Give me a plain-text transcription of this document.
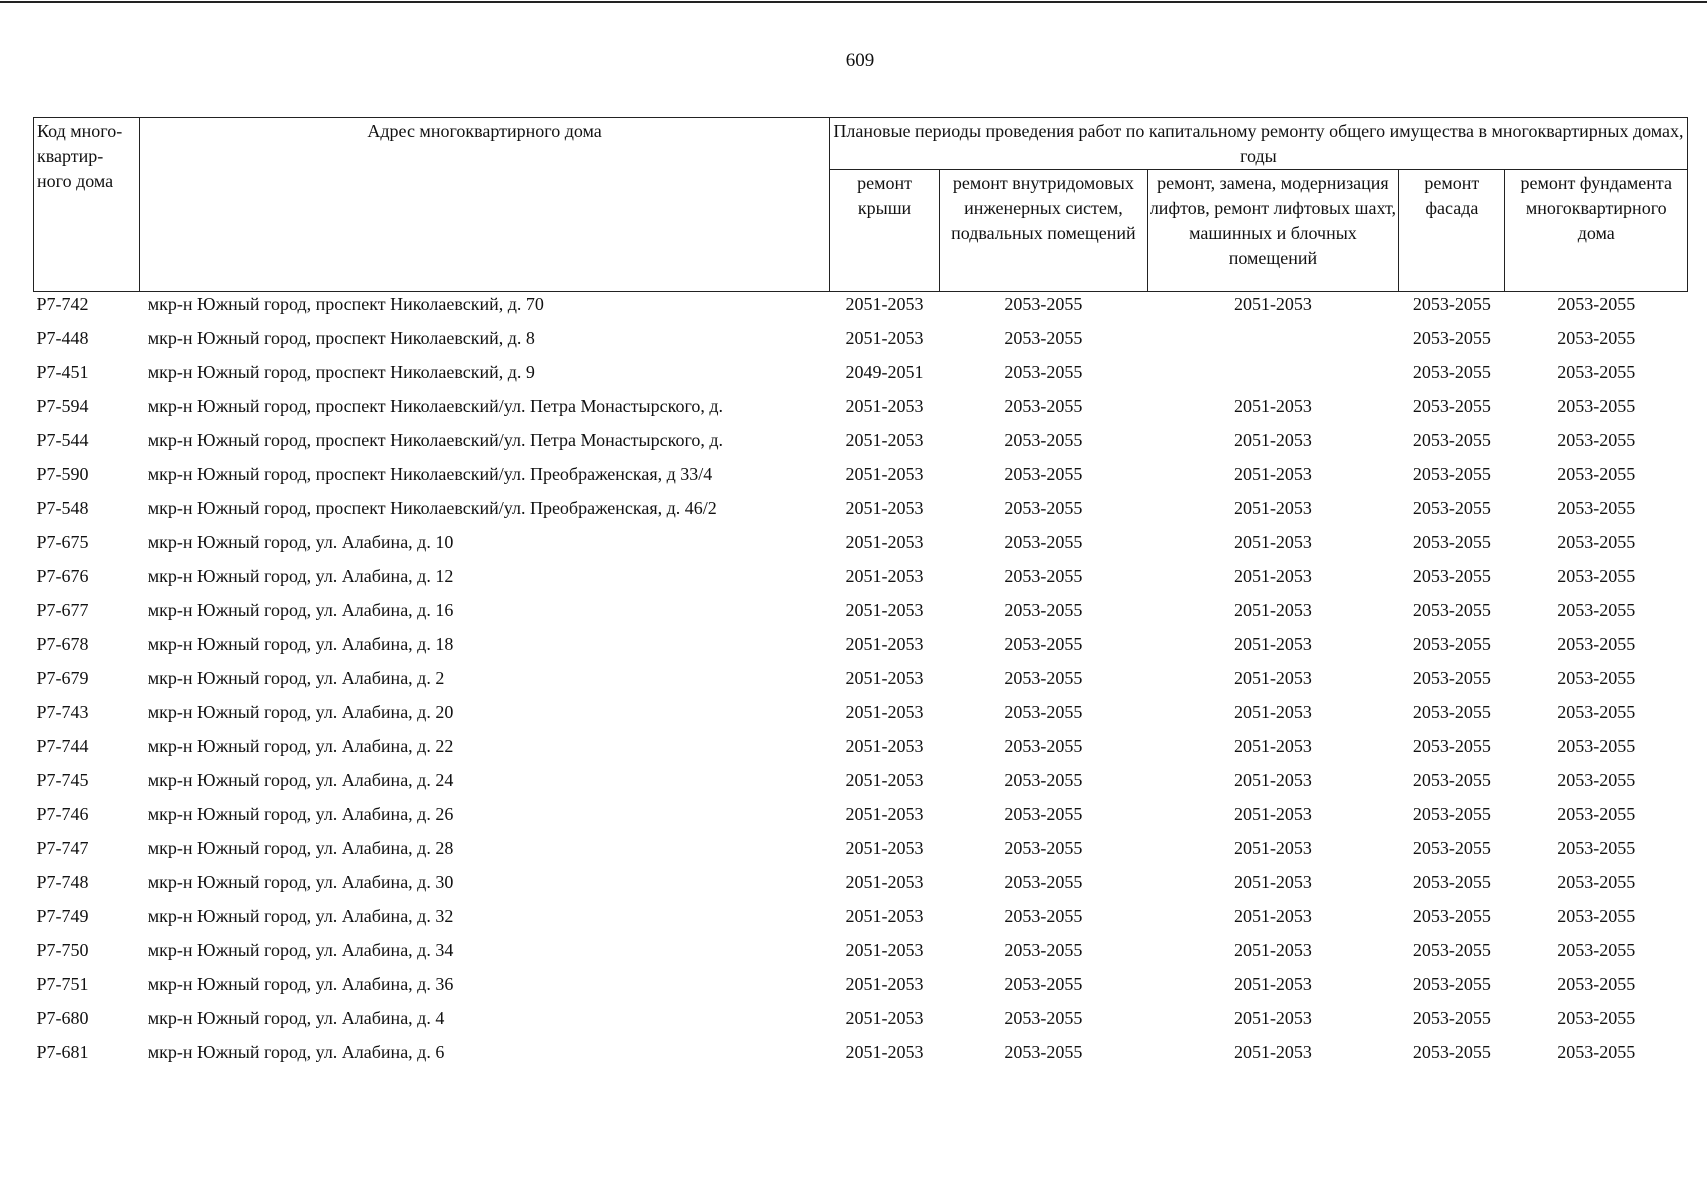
609
Код много-квартир-ного дома	Адрес многоквартирного дома	Плановые периоды проведения работ по капитальному ремонту общего имущества в многоквартирных домах, годы				
		ремонт крыши	ремонт внутридомовых инженерных систем, подвальных помещений	ремонт, замена, модернизация лифтов, ремонт лифтовых шахт, машинных и блочных помещений	ремонт фасада	ремонт фундамента многоквартирного дома
Р7-742	мкр-н Южный город, проспект Николаевский, д. 70	2051-2053	2053-2055	2051-2053	2053-2055	2053-2055
Р7-448	мкр-н Южный город, проспект Николаевский, д. 8	2051-2053	2053-2055		2053-2055	2053-2055
Р7-451	мкр-н Южный город, проспект Николаевский, д. 9	2049-2051	2053-2055		2053-2055	2053-2055
Р7-594	мкр-н Южный город, проспект Николаевский/ул. Петра Монастырского, д.	2051-2053	2053-2055	2051-2053	2053-2055	2053-2055
Р7-544	мкр-н Южный город, проспект Николаевский/ул. Петра Монастырского, д.	2051-2053	2053-2055	2051-2053	2053-2055	2053-2055
Р7-590	мкр-н Южный город, проспект Николаевский/ул. Преображенская, д 33/4	2051-2053	2053-2055	2051-2053	2053-2055	2053-2055
Р7-548	мкр-н Южный город, проспект Николаевский/ул. Преображенская, д. 46/2	2051-2053	2053-2055	2051-2053	2053-2055	2053-2055
Р7-675	мкр-н Южный город, ул. Алабина, д. 10	2051-2053	2053-2055	2051-2053	2053-2055	2053-2055
Р7-676	мкр-н Южный город, ул. Алабина, д. 12	2051-2053	2053-2055	2051-2053	2053-2055	2053-2055
Р7-677	мкр-н Южный город, ул. Алабина, д. 16	2051-2053	2053-2055	2051-2053	2053-2055	2053-2055
Р7-678	мкр-н Южный город, ул. Алабина, д. 18	2051-2053	2053-2055	2051-2053	2053-2055	2053-2055
Р7-679	мкр-н Южный город, ул. Алабина, д. 2	2051-2053	2053-2055	2051-2053	2053-2055	2053-2055
Р7-743	мкр-н Южный город, ул. Алабина, д. 20	2051-2053	2053-2055	2051-2053	2053-2055	2053-2055
Р7-744	мкр-н Южный город, ул. Алабина, д. 22	2051-2053	2053-2055	2051-2053	2053-2055	2053-2055
Р7-745	мкр-н Южный город, ул. Алабина, д. 24	2051-2053	2053-2055	2051-2053	2053-2055	2053-2055
Р7-746	мкр-н Южный город, ул. Алабина, д. 26	2051-2053	2053-2055	2051-2053	2053-2055	2053-2055
Р7-747	мкр-н Южный город, ул. Алабина, д. 28	2051-2053	2053-2055	2051-2053	2053-2055	2053-2055
Р7-748	мкр-н Южный город, ул. Алабина, д. 30	2051-2053	2053-2055	2051-2053	2053-2055	2053-2055
Р7-749	мкр-н Южный город, ул. Алабина, д. 32	2051-2053	2053-2055	2051-2053	2053-2055	2053-2055
Р7-750	мкр-н Южный город, ул. Алабина, д. 34	2051-2053	2053-2055	2051-2053	2053-2055	2053-2055
Р7-751	мкр-н Южный город, ул. Алабина, д. 36	2051-2053	2053-2055	2051-2053	2053-2055	2053-2055
Р7-680	мкр-н Южный город, ул. Алабина, д. 4	2051-2053	2053-2055	2051-2053	2053-2055	2053-2055
Р7-681	мкр-н Южный город, ул. Алабина, д. 6	2051-2053	2053-2055	2051-2053	2053-2055	2053-2055
